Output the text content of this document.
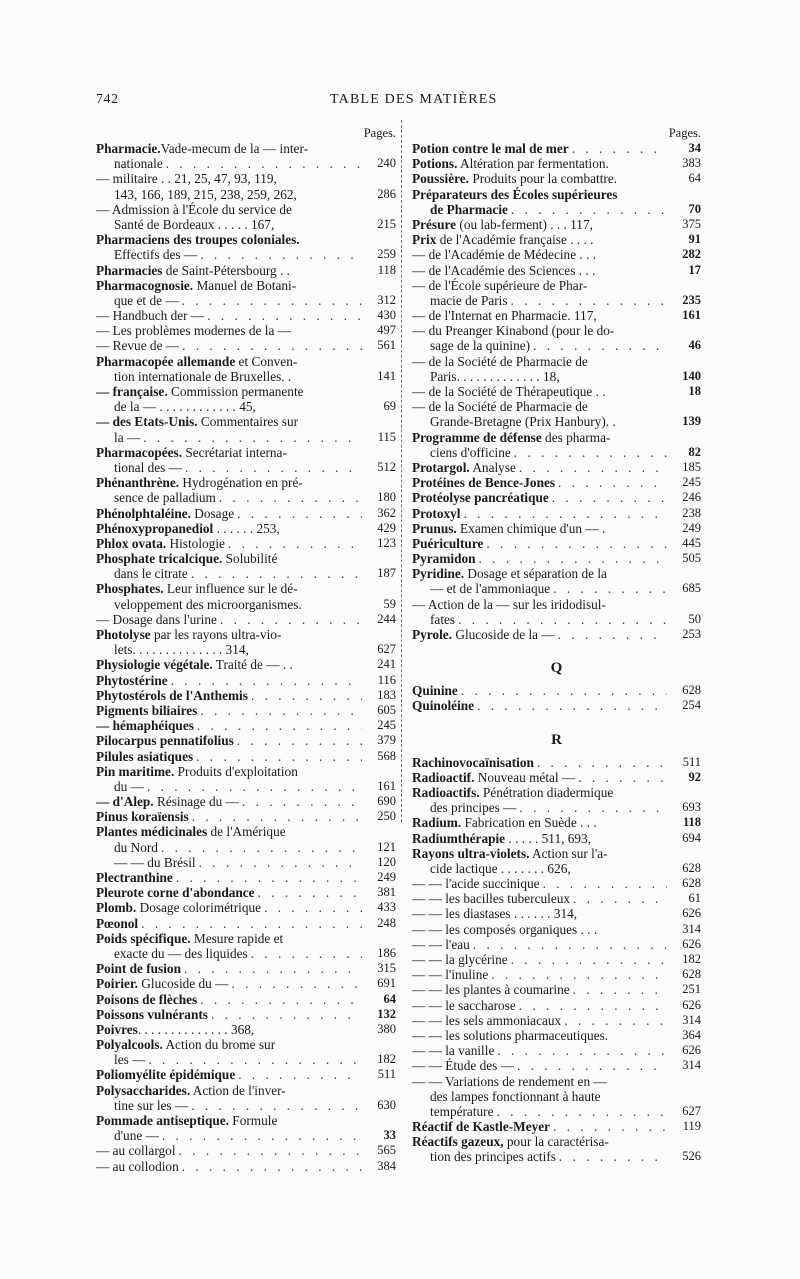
742	TABLE DES MATIÈRES
Pages.
Pharmacie. Vade-mecum de la — inter-
nationale . . .	240
— militaire . . 21, 25, 47, 93, 119,
143, 166, 189, 215, 238, 259, 262,	286
— Admission à l'École du service de
Santé de Bordeaux . . . . . 167,	215
Pharmaciens des troupes coloniales.
Effectifs des — . . .	259
Pharmacies de Saint-Pétersbourg . .	118
Pharmacognosie. Manuel de Botani-
que et de — . . .	312
— Handbuch der — . . .	430
— Les problèmes modernes de la —	497
— Revue de — . . .	561
Pharmacopée allemande et Conven-
tion internationale de Bruxelles. .	141
— française. Commission permanente
de la — . . . . . . . . . . . . 45,	69
— des Etats-Unis. Commentaires sur
la — . . .	115
Pharmacopées. Secrétariat interna-
tional des — . . .	512
Phénanthrène. Hydrogénation en pré-
sence de palladium . . .	180
Phénolphtaléine. Dosage . . .	362
Phénoxypropanediol . . . . . . 253,	429
Phlox ovata. Histologie . . .	123
Phosphate tricalcique. Solubilité
dans le citrate . . .	187
Phosphates. Leur influence sur le dé-
veloppement des microorganismes.	59
— Dosage dans l'urine . . .	244
Photolyse par les rayons ultra-vio-
lets. . . . . . . . . . . . . . 314,	627
Physiologie végétale. Traité de — . .	241
Phytostérine . . .	116
Phytostérols de l'Anthemis . . .	183
Pigments biliaires . . .	605
— hémaphéiques . . .	245
Pilocarpus pennatifolius . . .	379
Pilules asiatiques . . .	568
Pin maritime. Produits d'exploitation
du — . . .	161
— d'Alep. Résinage du — . . .	690
Pinus koraïensis . . .	250
Plantes médicinales de l'Amérique
du Nord . . .	121
— — du Brésil . . .	120
Plectranthine . . .	249
Pleurote corne d'abondance . . .	381
Plomb. Dosage colorimétrique . . .	433
Pœonol . . .	248
Poids spécifique. Mesure rapide et
exacte du — des liquides . . .	186
Point de fusion . . .	315
Poirier. Glucoside du — . . .	691
Poisons de flèches . . .	64
Poissons vulnérants . . .	132
Poivres . . . . . . . . . . . . . . 368,	380
Polyalcools. Action du brome sur
les — . . .	182
Poliomyélite épidémique . . .	511
Polysaccharides. Action de l'inver-
tine sur les — . . .	630
Pommade antiseptique. Formule
d'une — . . .	33
— au collargol . . .	565
— au collodion . . .	384
Pages.
Potion contre le mal de mer . . .	34
Potions. Altération par fermentation.	383
Poussière. Produits pour la combattre.	64
Préparateurs des Écoles supérieures
de Pharmacie . . .	70
Présure (ou lab-ferment) . . . 117,	375
Prix de l'Académie française . . . .	91
— de l'Académie de Médecine . . .	282
— de l'Académie des Sciences . . .	17
— de l'École supérieure de Phar-
macie de Paris . . .	235
— de l'Internat en Pharmacie. 117,	161
— du Preanger Kinabond (pour le do-
sage de la quinine) . . .	46
— de la Société de Pharmacie de
Paris. . . . . . . . . . . . . 18,	140
— de la Société de Thérapeutique . .	18
— de la Société de Pharmacie de
Grande-Bretagne (Prix Hanbury). .	139
Programme de défense des pharma-
ciens d'officine . . .	82
Protargol. Analyse . . .	185
Protéines de Bence-Jones . . .	245
Protéolyse pancréatique . . .	246
Protoxyl . . .	238
Prunus. Examen chimique d'un — .	249
Puériculture . . .	445
Pyramidon . . .	505
Pyridine. Dosage et séparation de la
— et de l'ammoniaque . . .	685
— Action de la — sur les iridodisul-
fates . . .	50
Pyrole. Glucoside de la — . . .	253
Q
Quinine . . .	628
Quinoléine . . .	254
R
Rachinovocaïnisation . . .	511
Radioactif. Nouveau métal — . . .	92
Radioactifs. Pénétration diadermique
des principes — . . .	693
Radium. Fabrication en Suède . . .	118
Radiumthérapie . . . . . 511, 693,	694
Rayons ultra-violets. Action sur l'a-
cide lactique . . . . . . . 626,	628
— — l'acide succinique . . .	628
— — les bacilles tuberculeux . . .	61
— — les diastases . . . . . . 314,	626
— — les composés organiques . . .	314
— — l'eau . . .	626
— — la glycérine . . .	182
— — l'inuline . . .	628
— — les plantes à coumarine . . .	251
— — le saccharose . . .	626
— — les sels ammoniacaux . . .	314
— — les solutions pharmaceutiques.	364
— — la vanille . . .	626
— — Étude des — . . .	314
— — Variations de rendement en —
des lampes fonctionnant à haute
température . . .	627
Réactif de Kastle-Meyer . . .	119
Réactifs gazeux, pour la caractérisa-
tion des principes actifs . . .	526
